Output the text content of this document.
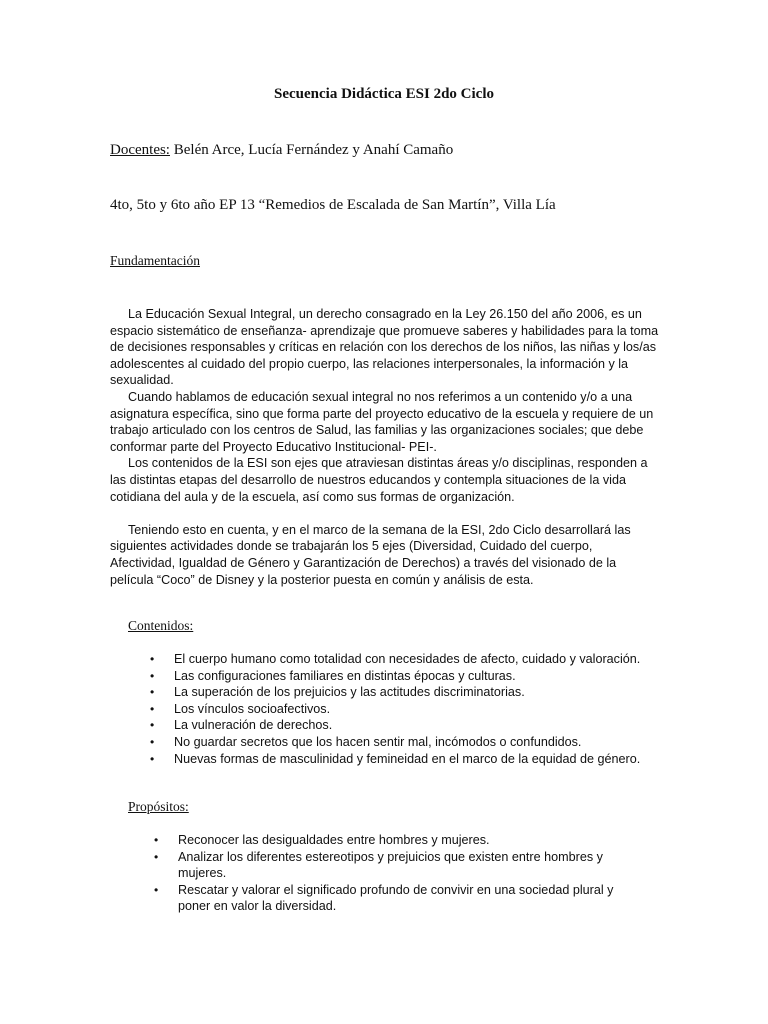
Secuencia Didáctica ESI 2do Ciclo
Docentes: Belén Arce, Lucía Fernández y Anahí Camaño
4to, 5to y 6to año EP 13 “Remedios de Escalada de San Martín”, Villa Lía
Fundamentación

La Educación Sexual Integral, un derecho consagrado en la Ley 26.150 del año 2006, es un espacio sistemático de enseñanza- aprendizaje que promueve saberes y habilidades para la toma de decisiones responsables y críticas en relación con los derechos de los niños, las niñas y los/as adolescentes al cuidado del propio cuerpo, las relaciones interpersonales, la información y la sexualidad.

Cuando hablamos de educación sexual integral no nos referimos a un contenido y/o a una asignatura específica, sino que forma parte del proyecto educativo de la escuela y requiere de un trabajo articulado con los centros de Salud, las familias y las organizaciones sociales; que debe conformar parte del Proyecto Educativo Institucional- PEI-.

Los contenidos de la ESI son ejes que atraviesan distintas áreas y/o disciplinas, responden a las distintas etapas del desarrollo de nuestros educandos y contempla situaciones de la vida cotidiana del aula y de la escuela, así como sus formas de organización.

Teniendo esto en cuenta, y en el marco de la semana de la ESI, 2do Ciclo desarrollará las siguientes actividades donde se trabajarán los 5 ejes (Diversidad, Cuidado del cuerpo, Afectividad, Igualdad de Género y Garantización de Derechos) a través del visionado de la película “Coco” de Disney y la posterior puesta en común y análisis de esta.

Contenidos:
• El cuerpo humano como totalidad con necesidades de afecto, cuidado y valoración.
• Las configuraciones familiares en distintas épocas y culturas.
• La superación de los prejuicios y las actitudes discriminatorias.
• Los vínculos socioafectivos.
• La vulneración de derechos.
• No guardar secretos que los hacen sentir mal, incómodos o confundidos.
• Nuevas formas de masculinidad y femineidad en el marco de la equidad de género.
Propósitos:
• Reconocer las desigualdades entre hombres y mujeres.
• Analizar los diferentes estereotipos y prejuicios que existen entre hombres y mujeres.
• Rescatar y valorar el significado profundo de convivir en una sociedad plural y poner en valor la diversidad.
